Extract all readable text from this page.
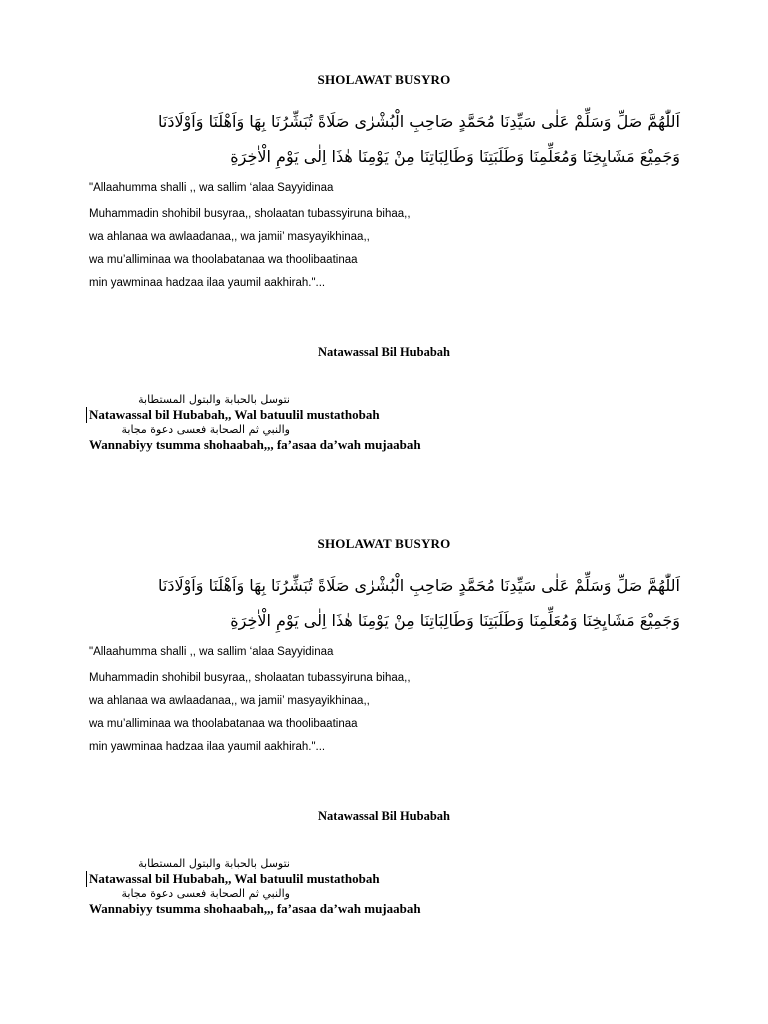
SHOLAWAT BUSYRO
اَللّٰهُمَّ صَلِّ وَسَلِّمْ عَلٰى سَيِّدِنَا مُحَمَّدٍ صَاحِبِ الْبُشْرٰى صَلَاةً تُبَشِّرُنَا بِهَا وَاَهْلَنَا وَاَوْلَادَنَا
وَجَمِيْعَ مَشَايِخِنَا وَمُعَلِّمِنَا وَطَلَبَتِنَا وَطَالِبَاتِنَا مِنْ يَوْمِنَا هٰذَا اِلٰى يَوْمِ الْاٰخِرَةِ
"Allaahumma shalli ,, wa sallim ‘alaa Sayyidinaa
Muhammadin shohibil busyraa,, sholaatan tubassyiruna bihaa,,
wa ahlanaa wa awlaadanaa,, wa jamii’ masyayikhinaa,,
wa mu’alliminaa wa thoolabatanaa wa thoolibaatinaa
min yawminaa hadzaa ilaa yaumil aakhirah."...
Natawassal Bil Hubabah
نتوسل بالحبابة والبتول المستطابة
Natawassal bil Hubabah,, Wal batuulil mustathobah
والنبي ثم الصحابة فعسى دعوة مجابة
Wannabiyy tsumma shohaabah,,, fa’asaa da’wah mujaabah
SHOLAWAT BUSYRO
اَللّٰهُمَّ صَلِّ وَسَلِّمْ عَلٰى سَيِّدِنَا مُحَمَّدٍ صَاحِبِ الْبُشْرٰى صَلَاةً تُبَشِّرُنَا بِهَا وَاَهْلَنَا وَاَوْلَادَنَا
وَجَمِيْعَ مَشَايِخِنَا وَمُعَلِّمِنَا وَطَلَبَتِنَا وَطَالِبَاتِنَا مِنْ يَوْمِنَا هٰذَا اِلٰى يَوْمِ الْاٰخِرَةِ
"Allaahumma shalli ,, wa sallim ‘alaa Sayyidinaa
Muhammadin shohibil busyraa,, sholaatan tubassyiruna bihaa,,
wa ahlanaa wa awlaadanaa,, wa jamii’ masyayikhinaa,,
wa mu’alliminaa wa thoolabatanaa wa thoolibaatinaa
min yawminaa hadzaa ilaa yaumil aakhirah."...
Natawassal Bil Hubabah
نتوسل بالحبابة والبتول المستطابة
Natawassal bil Hubabah,, Wal batuulil mustathobah
والنبي ثم الصحابة فعسى دعوة مجابة
Wannabiyy tsumma shohaabah,,, fa’asaa da’wah mujaabah
